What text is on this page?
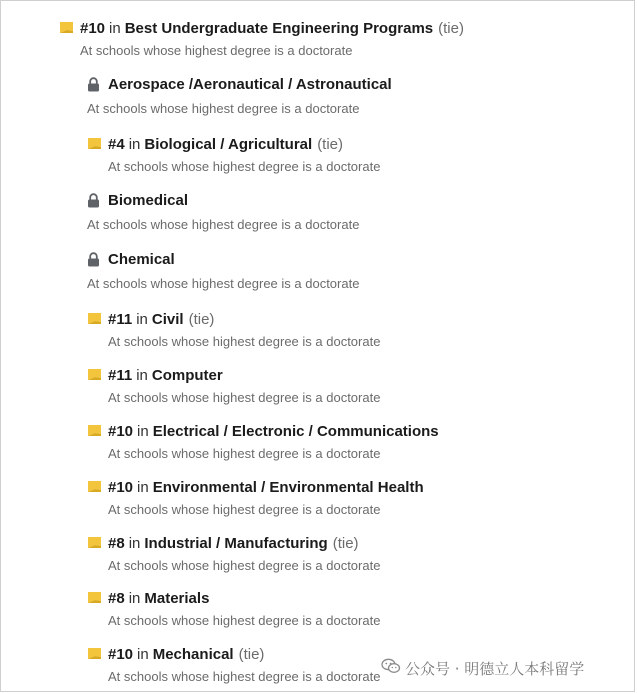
#10 in Best Undergraduate Engineering Programs (tie)
At schools whose highest degree is a doctorate
Aerospace /Aeronautical / Astronautical
At schools whose highest degree is a doctorate
#4 in Biological / Agricultural (tie)
At schools whose highest degree is a doctorate
Biomedical
At schools whose highest degree is a doctorate
Chemical
At schools whose highest degree is a doctorate
#11 in Civil (tie)
At schools whose highest degree is a doctorate
#11 in Computer
At schools whose highest degree is a doctorate
#10 in Electrical / Electronic / Communications
At schools whose highest degree is a doctorate
#10 in Environmental / Environmental Health
At schools whose highest degree is a doctorate
#8 in Industrial / Manufacturing (tie)
At schools whose highest degree is a doctorate
#8 in Materials
At schools whose highest degree is a doctorate
#10 in Mechanical (tie)
At schools whose highest degree is a doctorate 公众号 · 明德立人本科留学
